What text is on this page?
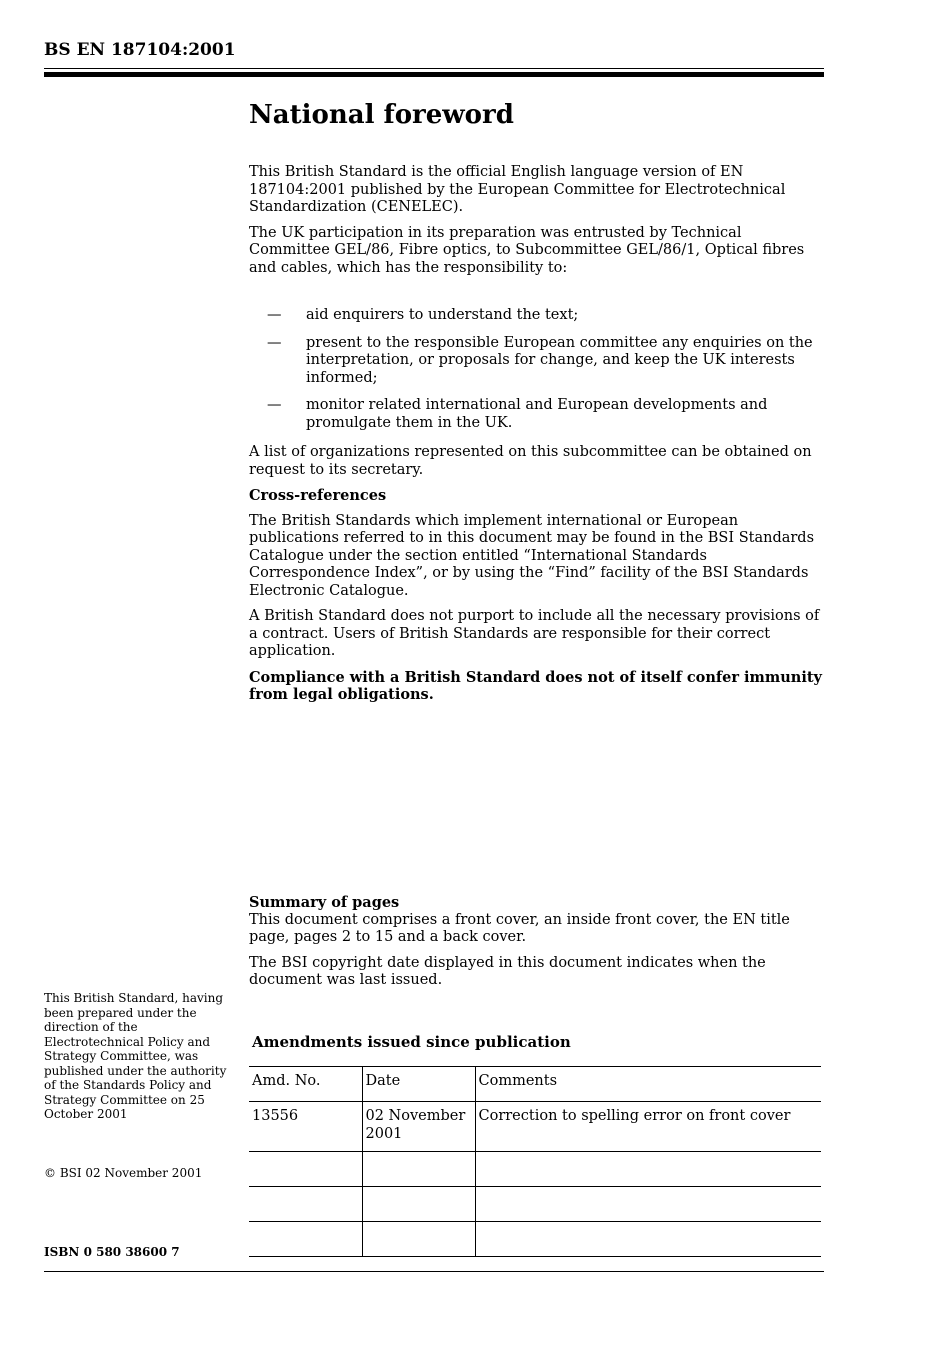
BS EN 187104:2001
National foreword

This British Standard is the official English language version of EN 187104:2001 published by the European Committee for Electrotechnical Standardization (CENELEC).

The UK participation in its preparation was entrusted by Technical Committee GEL/86, Fibre optics, to Subcommittee GEL/86/1, Optical fibres and cables, which has the responsibility to:

— aid enquirers to understand the text;
— present to the responsible European committee any enquiries on the interpretation, or proposals for change, and keep the UK interests informed;
— monitor related international and European developments and promulgate them in the UK.

A list of organizations represented on this subcommittee can be obtained on request to its secretary.

Cross-references

The British Standards which implement international or European publications referred to in this document may be found in the BSI Standards Catalogue under the section entitled “International Standards Correspondence Index”, or by using the “Find” facility of the BSI Standards Electronic Catalogue.

A British Standard does not purport to include all the necessary provisions of a contract. Users of British Standards are responsible for their correct application.

Compliance with a British Standard does not of itself confer immunity from legal obligations.

Summary of pages

This document comprises a front cover, an inside front cover, the EN title page, pages 2 to 15 and a back cover.

The BSI copyright date displayed in this document indicates when the document was last issued.

Amendments issued since publication
Amd. No.	Date	Comments
13556	02 November 2001	Correction to spelling error on front cover

This British Standard, having been prepared under the direction of the Electrotechnical Policy and Strategy Committee, was published under the authority of the Standards Policy and Strategy Committee on 25 October 2001
© BSI 02 November 2001
ISBN 0 580 38600 7
